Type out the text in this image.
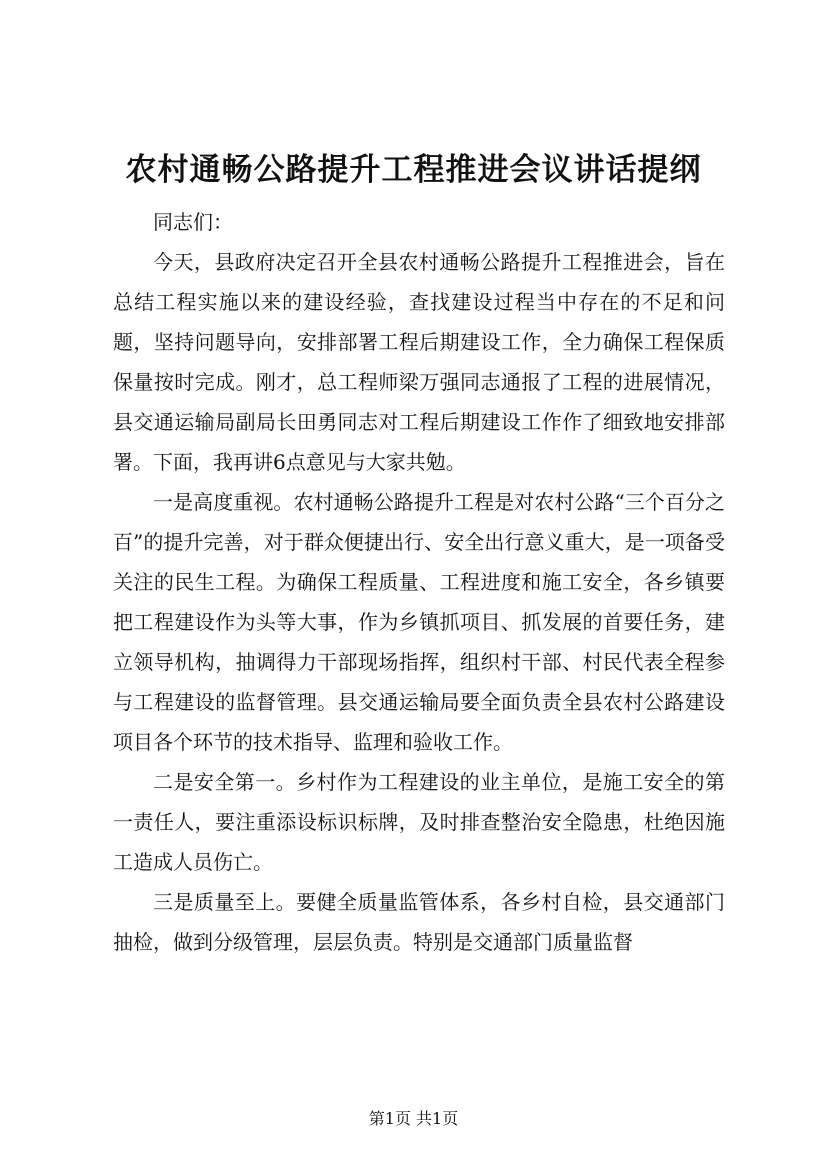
农村通畅公路提升工程推进会议讲话提纲

同志们：

今天，县政府决定召开全县农村通畅公路提升工程推进会，旨在总结工程实施以来的建设经验，查找建设过程当中存在的不足和问题，坚持问题导向，安排部署工程后期建设工作，全力确保工程保质保量按时完成。刚才，总工程师梁万强同志通报了工程的进展情况，县交通运输局副局长田勇同志对工程后期建设工作作了细致地安排部署。下面，我再讲6点意见与大家共勉。

一是高度重视。农村通畅公路提升工程是对农村公路“三个百分之百”的提升完善，对于群众便捷出行、安全出行意义重大，是一项备受关注的民生工程。为确保工程质量、工程进度和施工安全，各乡镇要把工程建设作为头等大事，作为乡镇抓项目、抓发展的首要任务，建立领导机构，抽调得力干部现场指挥，组织村干部、村民代表全程参与工程建设的监督管理。县交通运输局要全面负责全县农村公路建设项目各个环节的技术指导、监理和验收工作。

二是安全第一。乡村作为工程建设的业主单位，是施工安全的第一责任人，要注重添设标识标牌，及时排查整治安全隐患，杜绝因施工造成人员伤亡。

三是质量至上。要健全质量监管体系，各乡村自检，县交通部门抽检，做到分级管理，层层负责。特别是交通部门质量监督

第1页 共1页
